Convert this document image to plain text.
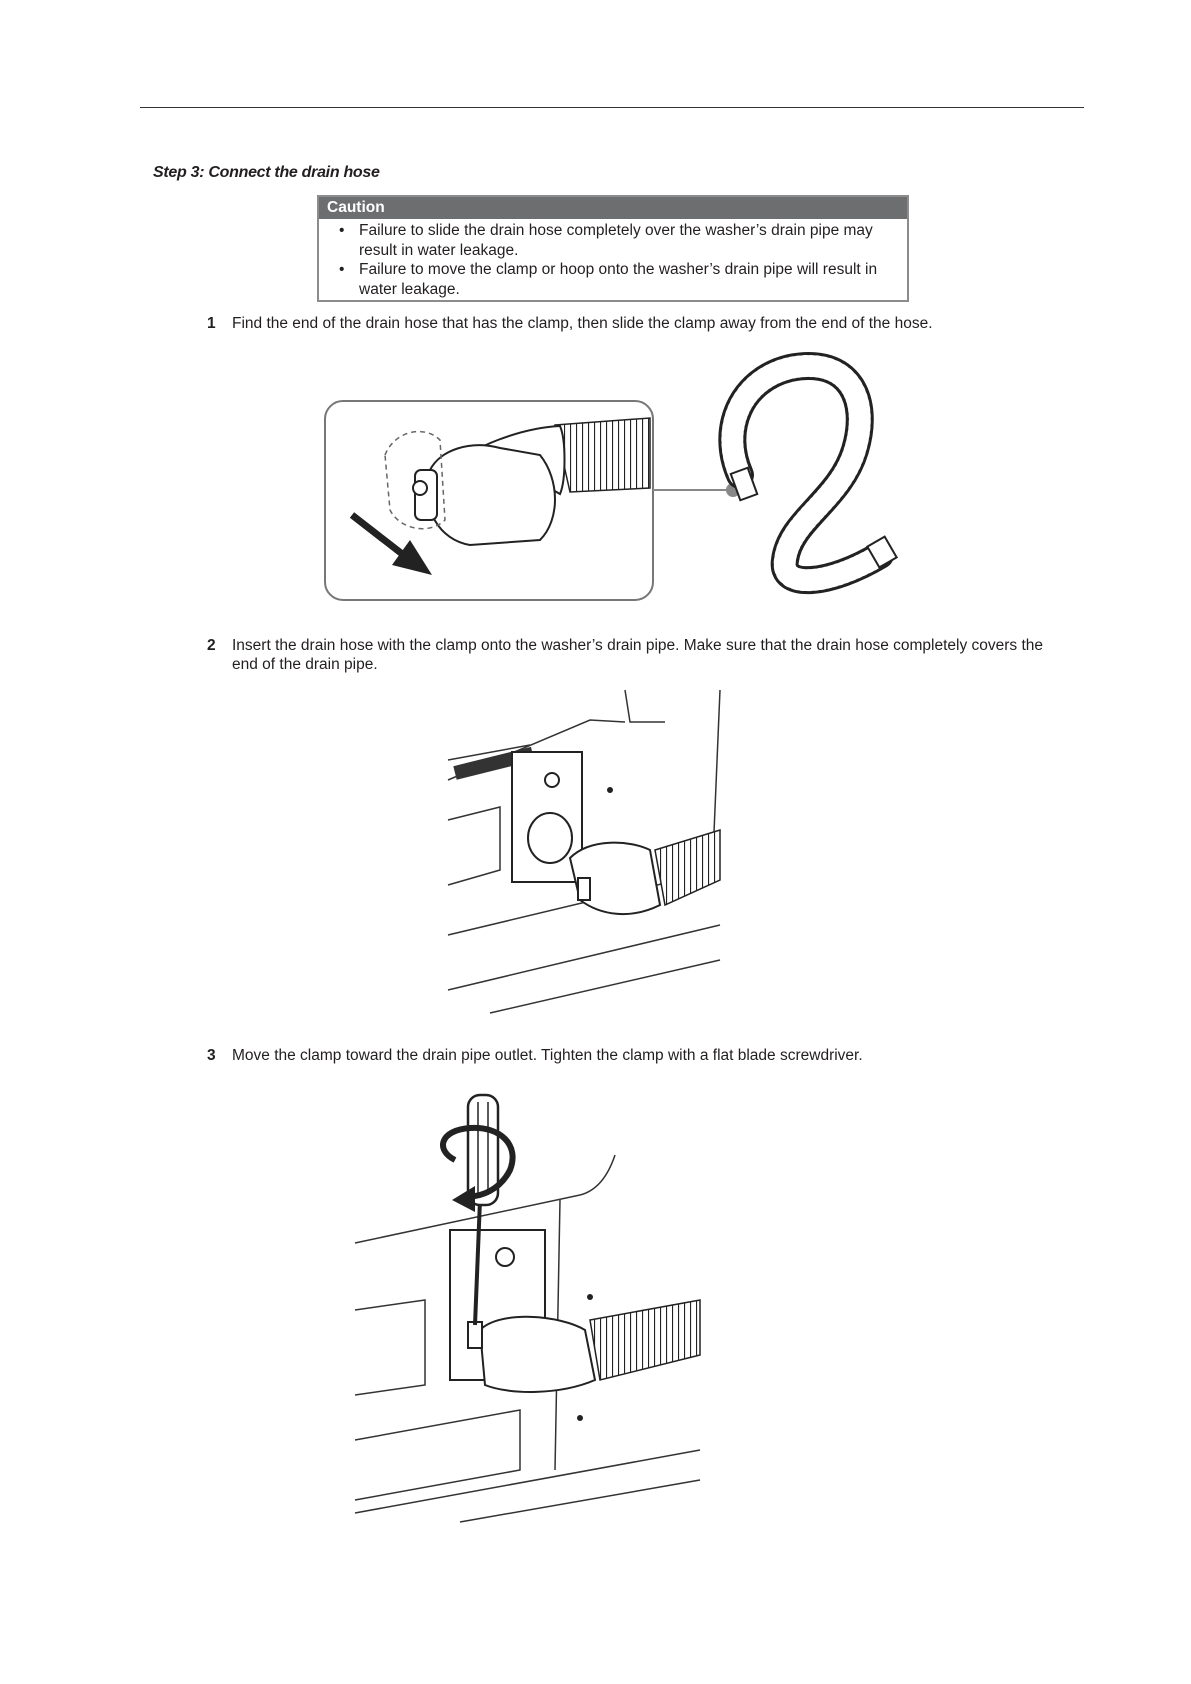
Step 3: Connect the drain hose
Caution
• Failure to slide the drain hose completely over the washer’s drain pipe may result in water leakage.
• Failure to move the clamp or hoop onto the washer’s drain pipe will result in water leakage.
1 Find the end of the drain hose that has the clamp, then slide the clamp away from the end of the hose.
2 Insert the drain hose with the clamp onto the washer’s drain pipe. Make sure that the drain hose completely covers the end of the drain pipe.
3 Move the clamp toward the drain pipe outlet. Tighten the clamp with a flat blade screwdriver.
